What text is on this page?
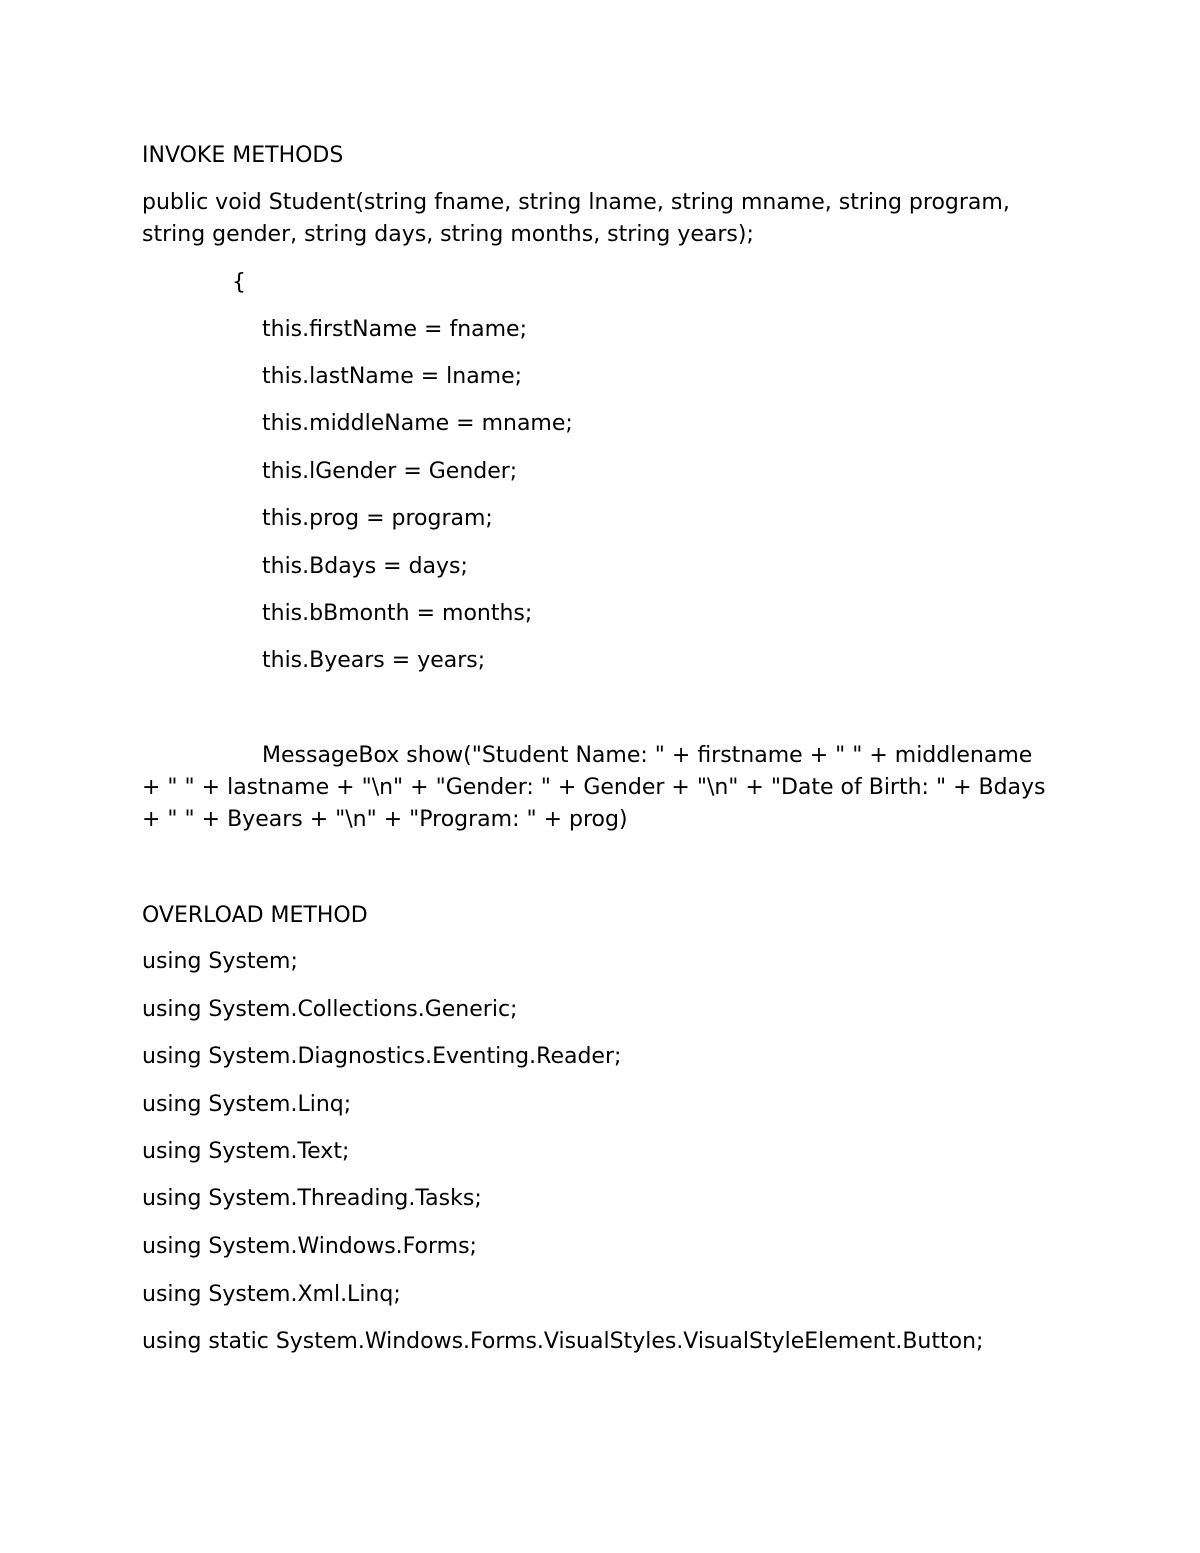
INVOKE METHODS

public void Student(string fname, string lname, string mname, string program, string gender, string days, string months, string years);

{

this.firstName = fname;

this.lastName = lname;

this.middleName = mname;

this.lGender = Gender;

this.prog = program;

this.Bdays = days;

this.bBmonth = months;

this.Byears = years;

MessageBox show("Student Name: " + firstname + " " + middlename + " " + lastname + "\n" + "Gender: " + Gender + "\n" + "Date of Birth: " + Bdays + " " + Byears + "\n" + "Program: " + prog)

OVERLOAD METHOD

using System;

using System.Collections.Generic;

using System.Diagnostics.Eventing.Reader;

using System.Linq;

using System.Text;

using System.Threading.Tasks;

using System.Windows.Forms;

using System.Xml.Linq;

using static System.Windows.Forms.VisualStyles.VisualStyleElement.Button;
